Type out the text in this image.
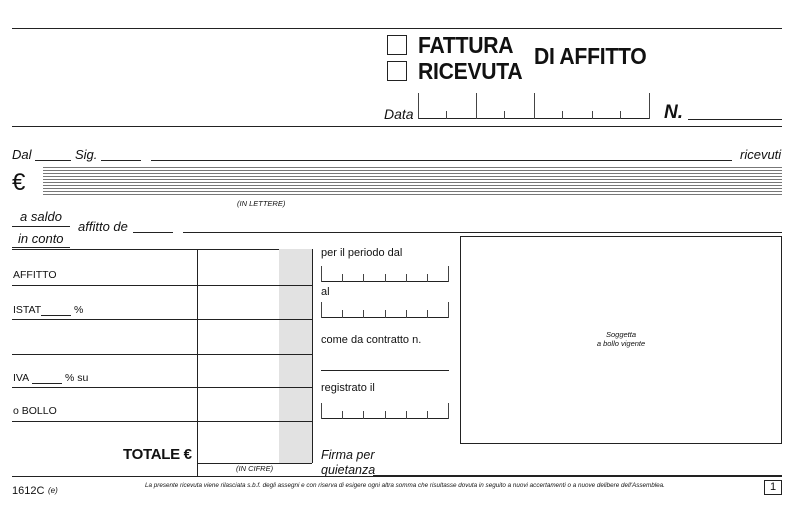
FATTURA
RICEVUTA
DI AFFITTO
Data	N.
Dal	Sig.	ricevuti
€
(IN LETTERE)
a saldo
in conto
affitto de
AFFITTO
ISTAT	%
IVA	% su
o BOLLO
TOTALE €
(IN CIFRE)
per il periodo dal
al
come da contratto n.
registrato il
Firma per
quietanza
Soggetta
a bollo vigente
1612C (e)
La presente ricevuta viene rilasciata s.b.f. degli assegni e con riserva di esigere ogni altra somma che risultasse dovuta in seguito a nuovi accertamenti o a nuove delibere dell'Assemblea.	1
